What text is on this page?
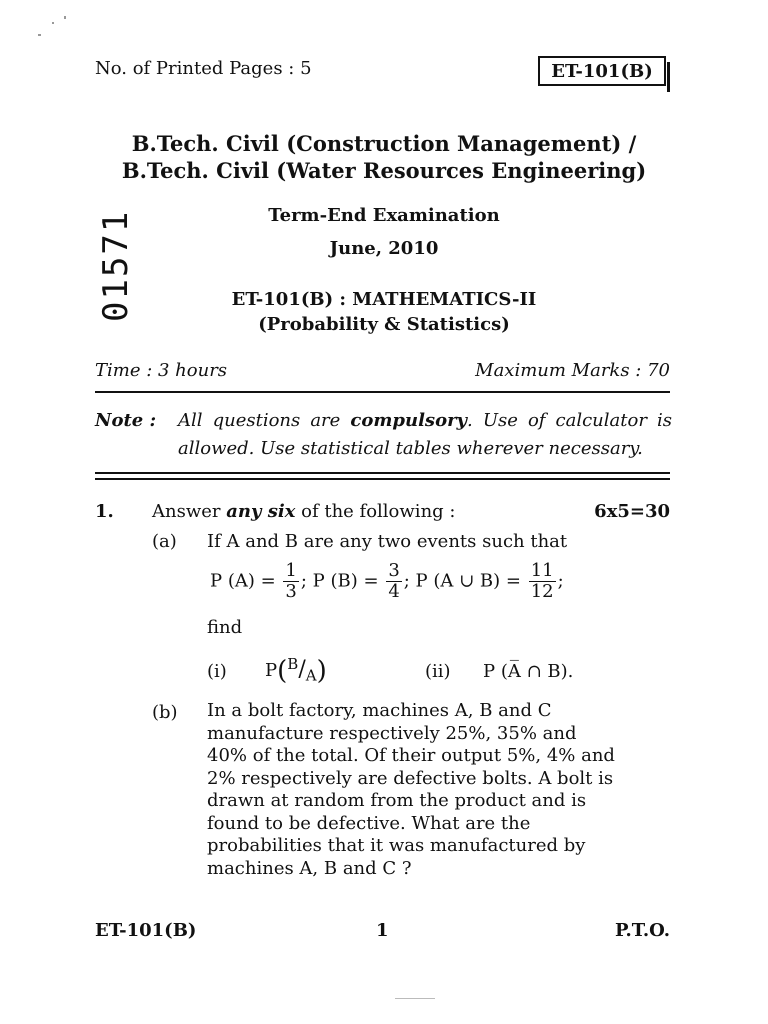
No. of Printed Pages : 5	ET-101(B)
B.Tech. Civil (Construction Management) /
B.Tech. Civil (Water Resources Engineering)
Term-End Examination
June, 2010
01571	ET-101(B) : MATHEMATICS-II
(Probability & Statistics)
Time : 3 hours	Maximum Marks : 70
Note : All questions are compulsory. Use of calculator is allowed. Use statistical tables wherever necessary.
1. Answer any six of the following :	6x5=30
(a) If A and B are any two events such that
P $(A) = \frac{1}{3}$ ; P $(B) = \frac{3}{4}$ ; P (A ∪ $B) = \frac{11}{12}$ ;
find
(i) $P(^B/_A)$	(ii) P (A̅ ∩ B).
(b) In a bolt factory, machines A, B and C manufacture respectively 25%, 35% and 40% of the total. Of their output 5%, 4% and 2% respectively are defective bolts. A bolt is drawn at random from the product and is found to be defective. What are the probabilities that it was manufactured by machines A, B and C ?
ET-101(B)	1	P.T.O.
